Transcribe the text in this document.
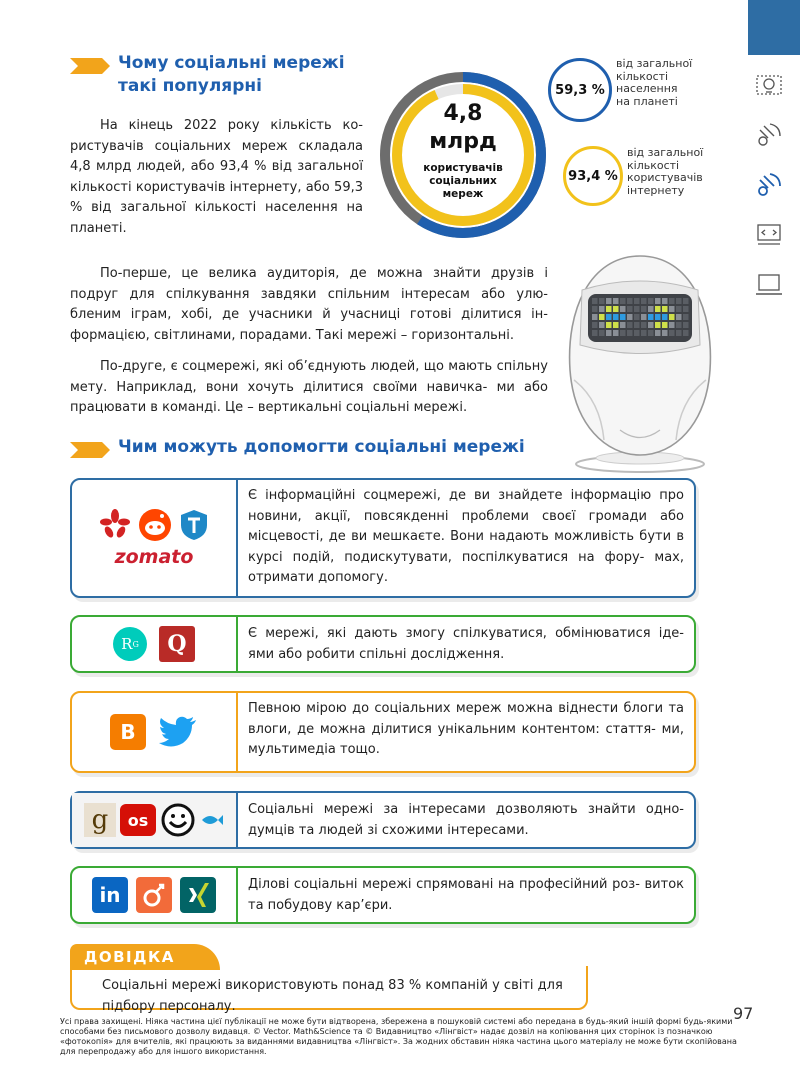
Чому соціальні мережі
такі популярні
На кінець 2022 року кількість ко- ристувачів соціальних мереж складала 4,8 млрд людей, або 93,4 % від загальної кількості користувачів інтернету, або 59,3 % від загальної кількості населення на планеті.
4,8
млрд
користувачів
соціальних
мереж
59,3 %
від загальної
кількості
населення
на планеті
93,4 %
від загальної
кількості
користувачів
інтернету
По-перше, це велика аудиторія, де можна знайти друзів і подруг для спілкування завдяки спільним інтересам або улю- бленим іграм, хобі, де учасники й учасниці готові ділитися ін- формацією, світлинами, порадами. Такі мережі – горизонтальні.
По-друге, є соцмережі, які об’єднують людей, що мають спільну мету. Наприклад, вони хочуть ділитися своїми навичка- ми або працювати в команді. Це – вертикальні соціальні мережі.
Чим можуть допомогти соціальні мережі
zomato
Є інформаційні соцмережі, де ви знайдете інформацію про новини, акції, повсякденні проблеми своєї громади або місцевості, де ви мешкаєте. Вони надають можливість бути в курсі подій, подискутувати, поспілкуватися на фору- мах, отримати допомогу.
R G Q	Є мережі, які дають змогу спілкуватися, обмінюватися іде- ями або робити спільні дослідження.
B
Певною мірою до соціальних мереж можна віднести блоги та влоги, де можна ділитися унікальним контентом: стаття- ми, мультимедіа тощо.
g os
Соціальні мережі за інтересами дозволяють знайти одно- думців та людей зі схожими інтересами.
in	Ділові соціальні мережі спрямовані на професійний роз- виток та побудову кар’єри.
ДОВІДКА
Соціальні мережі використовують понад 83 % компаній у світі для підбору персоналу.
Усі права захищені. Ніяка частина цієї публікації не може бути відтворена, збережена в пошуковій системі або передана в будь-який іншій формі будь-якими способами без письмового дозволу видавця. © Vector. Math&Science та © Видавництво «Лінгвіст» надає дозвіл на копіювання цих сторінок із позначкою «фотокопія» для вчителів, які працюють за виданнями видавництва «Лінгвіст». За жодних обставин ніяка частина цього матеріалу не може бути скопійована для перепродажу або для іншого використання.
97
